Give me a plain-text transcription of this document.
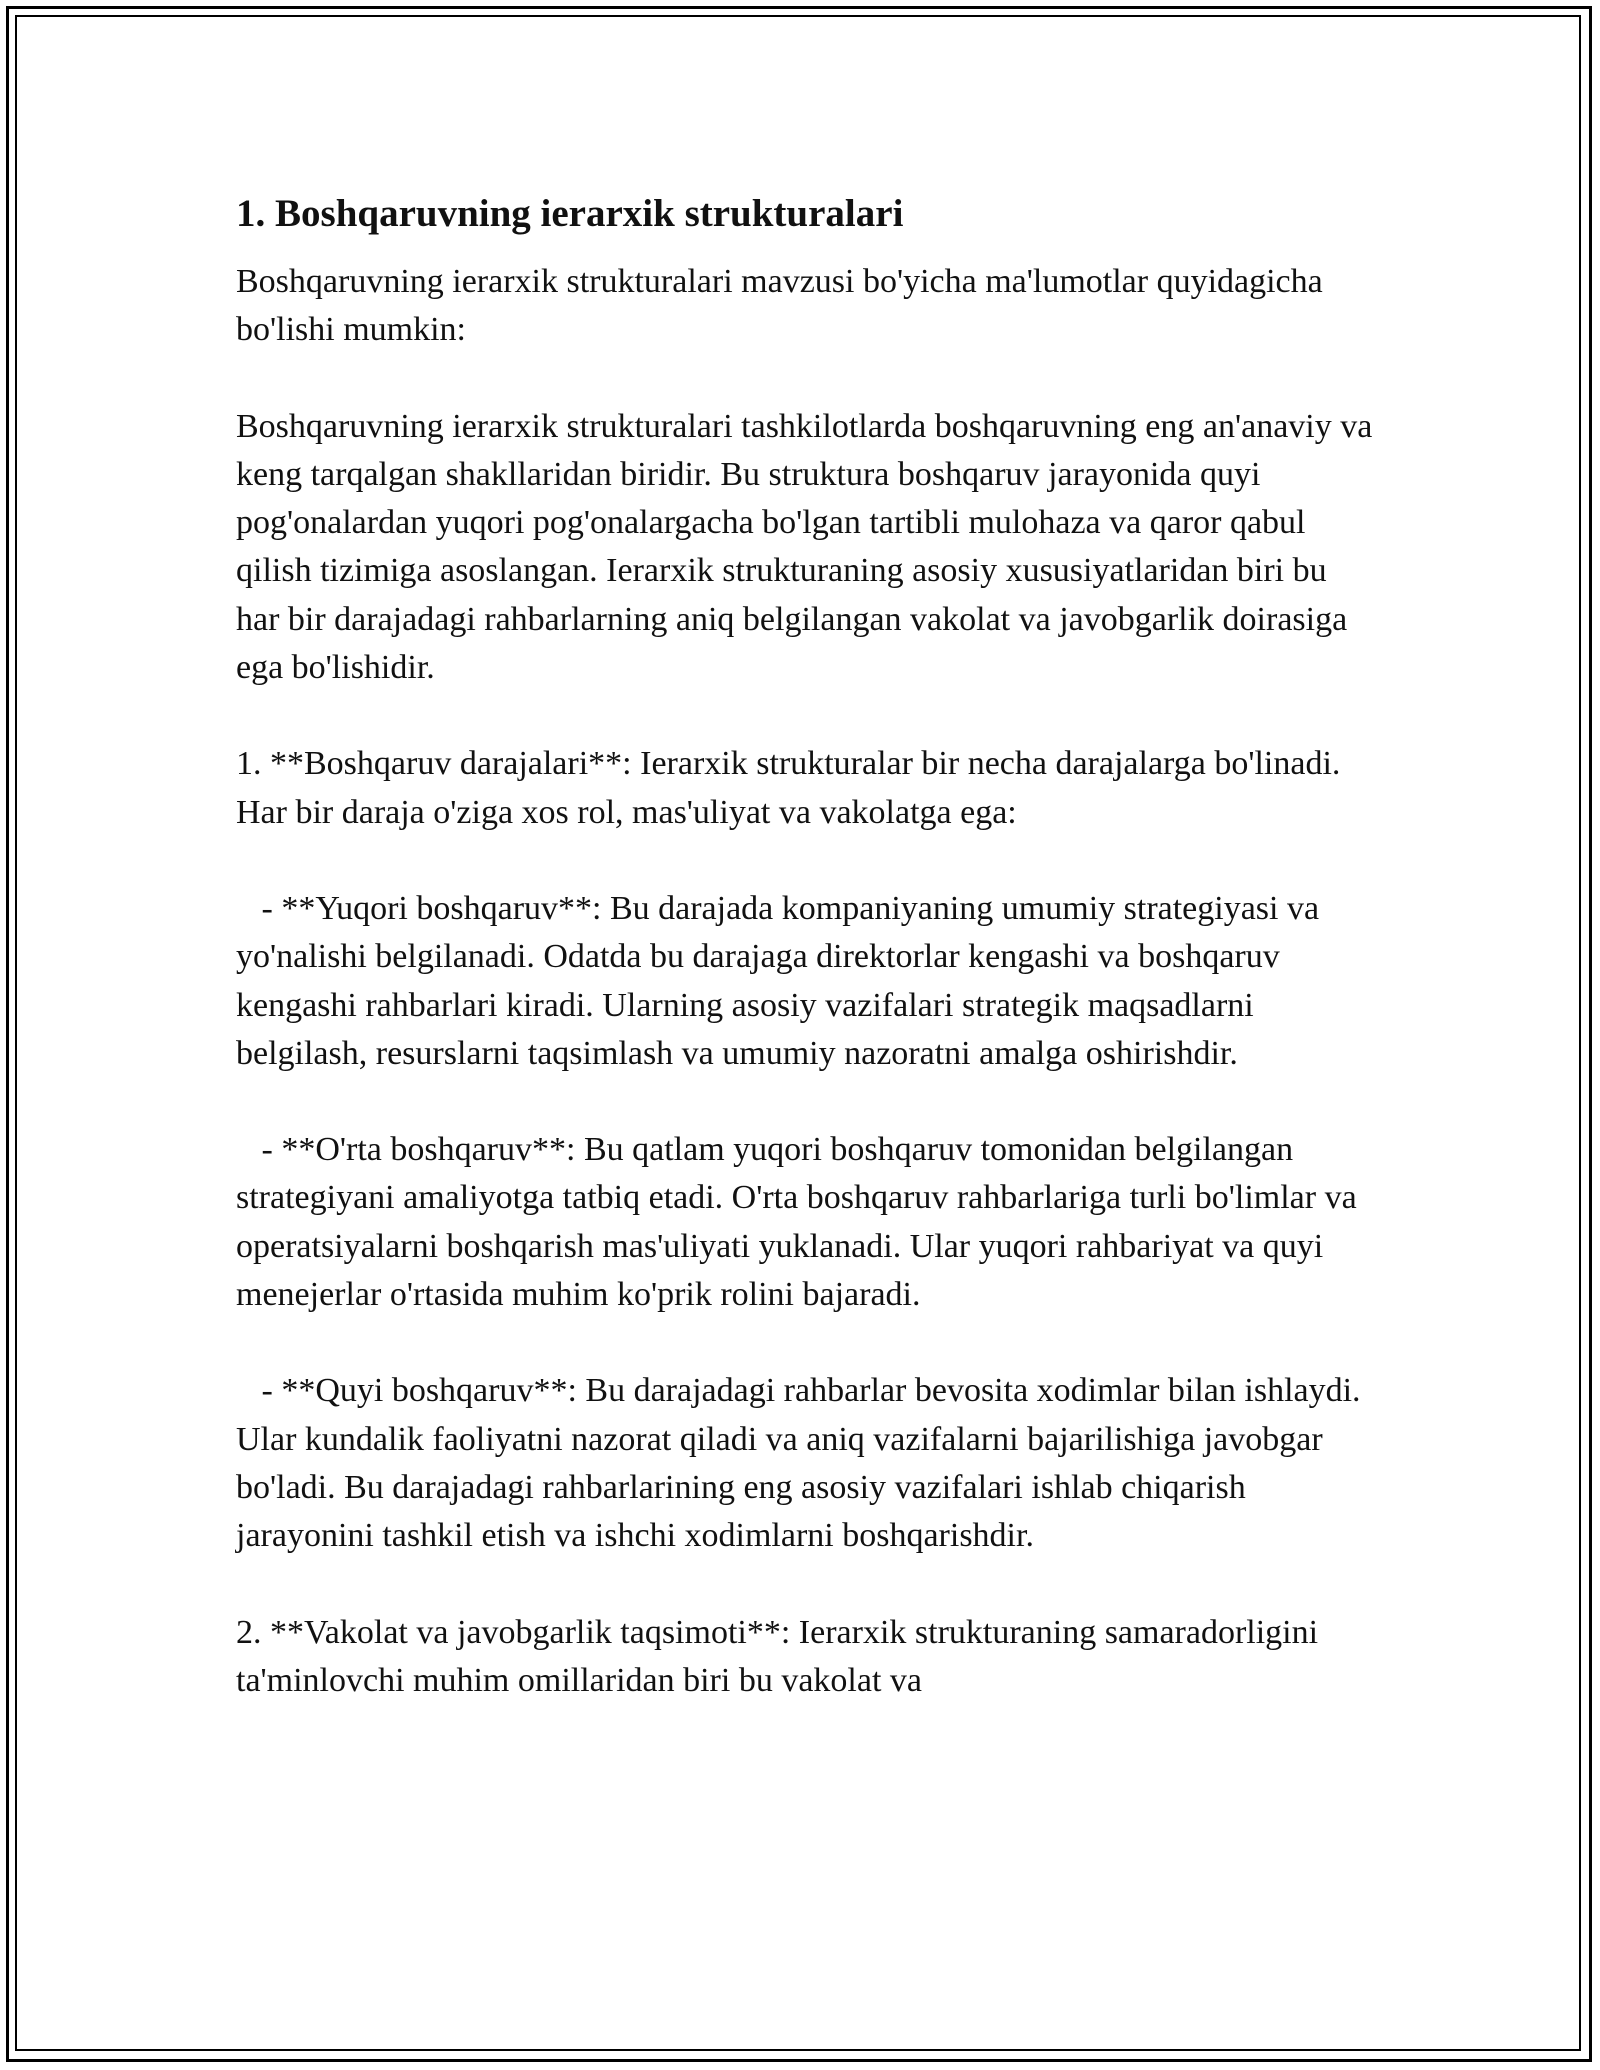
1. Boshqaruvning ierarxik strukturalari

Boshqaruvning ierarxik strukturalari mavzusi bo'yicha ma'lumotlar quyidagicha bo'lishi mumkin:

Boshqaruvning ierarxik strukturalari tashkilotlarda boshqaruvning eng an'anaviy va keng tarqalgan shakllaridan biridir. Bu struktura boshqaruv jarayonida quyi pog'onalardan yuqori pog'onalargacha bo'lgan tartibli mulohaza va qaror qabul qilish tizimiga asoslangan. Ierarxik strukturaning asosiy xususiyatlaridan biri bu har bir darajadagi rahbarlarning aniq belgilangan vakolat va javobgarlik doirasiga ega bo'lishidir.

1. **Boshqaruv darajalari**: Ierarxik strukturalar bir necha darajalarga bo'linadi. Har bir daraja o'ziga xos rol, mas'uliyat va vakolatga ega:

- **Yuqori boshqaruv**: Bu darajada kompaniyaning umumiy strategiyasi va yo'nalishi belgilanadi. Odatda bu darajaga direktorlar kengashi va boshqaruv kengashi rahbarlari kiradi. Ularning asosiy vazifalari strategik maqsadlarni belgilash, resurslarni taqsimlash va umumiy nazoratni amalga oshirishdir.

- **O'rta boshqaruv**: Bu qatlam yuqori boshqaruv tomonidan belgilangan strategiyani amaliyotga tatbiq etadi. O'rta boshqaruv rahbarlariga turli bo'limlar va operatsiyalarni boshqarish mas'uliyati yuklanadi. Ular yuqori rahbariyat va quyi menejerlar o'rtasida muhim ko'prik rolini bajaradi.

- **Quyi boshqaruv**: Bu darajadagi rahbarlar bevosita xodimlar bilan ishlaydi. Ular kundalik faoliyatni nazorat qiladi va aniq vazifalarni bajarilishiga javobgar bo'ladi. Bu darajadagi rahbarlarining eng asosiy vazifalari ishlab chiqarish jarayonini tashkil etish va ishchi xodimlarni boshqarishdir.

2. **Vakolat va javobgarlik taqsimoti**: Ierarxik strukturaning samaradorligini ta'minlovchi muhim omillaridan biri bu vakolat va
